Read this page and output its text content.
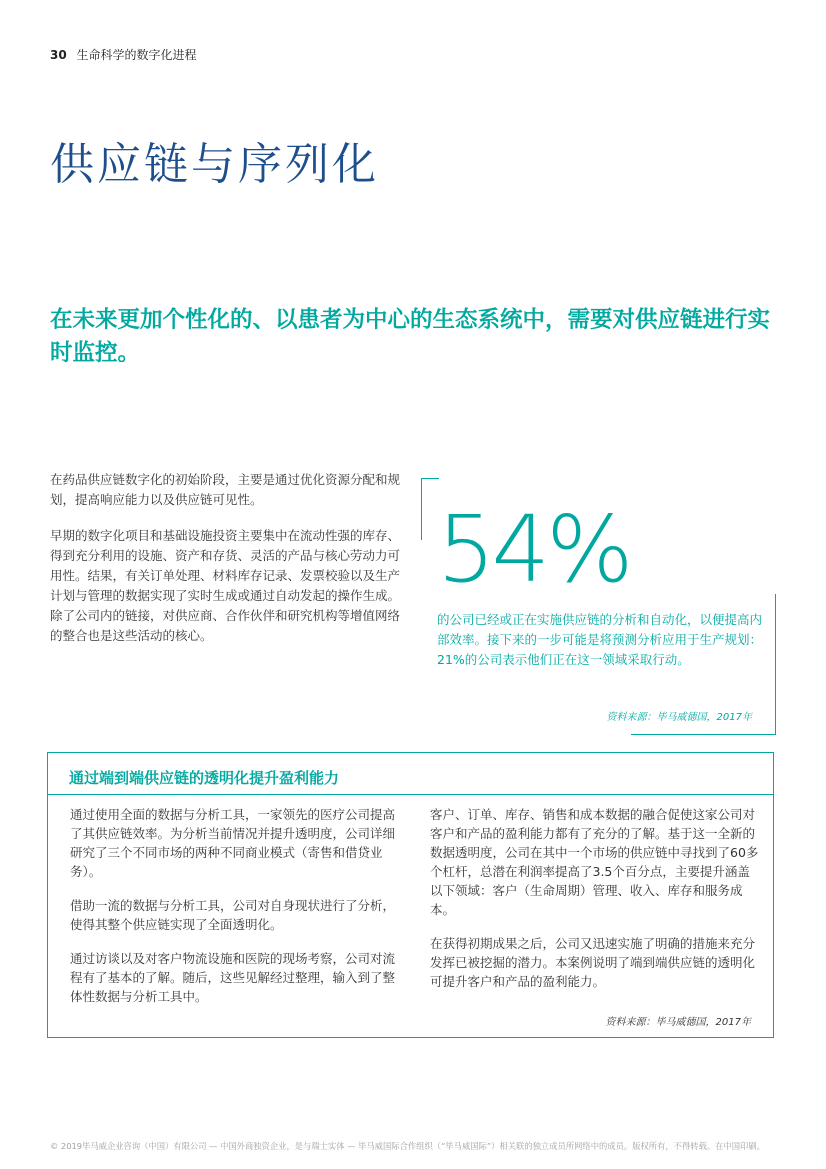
30 生命科学的数字化进程
供应链与序列化

在未来更加个性化的、以患者为中心的生态系统中，需要对供应链进行实时监控。

在药品供应链数字化的初始阶段，主要是通过优化资源分配和规划，提高响应能力以及供应链可见性。

早期的数字化项目和基础设施投资主要集中在流动性强的库存、得到充分利用的设施、资产和存货、灵活的产品与核心劳动力可用性。结果，有关订单处理、材料库存记录、发票校验以及生产计划与管理的数据实现了实时生成或通过自动发起的操作生成。除了公司内的链接，对供应商、合作伙伴和研究机构等增值网络的整合也是这些活动的核心。

54%

的公司已经或正在实施供应链的分析和自动化，以便提高内部效率。接下来的一步可能是将预测分析应用于生产规划：21%的公司表示他们正在这一领域采取行动。

资料来源：毕马威德国，2017年
通过端到端供应链的透明化提升盈利能力

通过使用全面的数据与分析工具，一家领先的医疗公司提高了其供应链效率。为分析当前情况并提升透明度，公司详细研究了三个不同市场的两种不同商业模式（寄售和借贷业务）。

借助一流的数据与分析工具，公司对自身现状进行了分析，使得其整个供应链实现了全面透明化。

通过访谈以及对客户物流设施和医院的现场考察，公司对流程有了基本的了解。随后，这些见解经过整理，输入到了整体性数据与分析工具中。

客户、订单、库存、销售和成本数据的融合促使这家公司对客户和产品的盈利能力都有了充分的了解。基于这一全新的数据透明度，公司在其中一个市场的供应链中寻找到了60多个杠杆，总潜在利润率提高了3.5个百分点，主要提升涵盖以下领域：客户（生命周期）管理、收入、库存和服务成本。

在获得初期成果之后，公司又迅速实施了明确的措施来充分发挥已被挖掘的潜力。本案例说明了端到端供应链的透明化可提升客户和产品的盈利能力。

资料来源：毕马威德国，2017年
© 2019毕马威企业咨询（中国）有限公司 — 中国外商独资企业，是与瑞士实体 — 毕马威国际合作组织（“毕马威国际”）相关联的独立成员所网络中的成员。版权所有，不得转载。在中国印刷。
